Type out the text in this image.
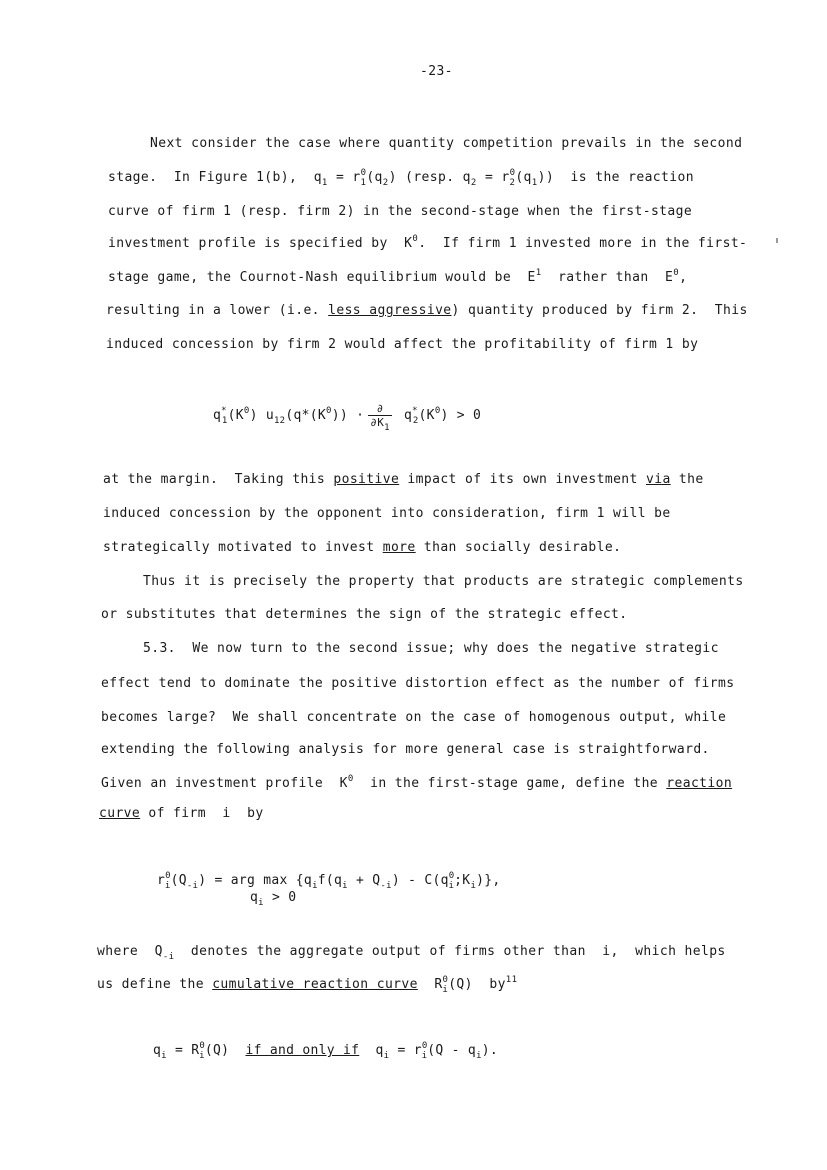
-23-
Next consider the case where quantity competition prevails in the second
stage.  In Figure 1(b), $q_1 = r^0_1(q_2)$ (resp. $q_2 = r^0_2(q_1)$)  is the reaction
curve of firm 1 (resp. firm 2) in the second-stage when the first-stage
investment profile is specified by  $K^0$.  If firm 1 invested more in the first-
stage game, the Cournot-Nash equilibrium would be  $E^1$  rather than  $E^0$,
resulting in a lower (i.e. less aggressive) quantity produced by firm 2.  This
induced concession by firm 2 would affect the profitability of firm 1 by
$q^*_1(K^0) u_{12}(q*(K^0)) \cdot \frac{\partial}{\partial K_1} q^*_2(K^0) > 0$
at the margin.  Taking this positive impact of its own investment via the
induced concession by the opponent into consideration, firm 1 will be
strategically motivated to invest more than socially desirable.
Thus it is precisely the property that products are strategic complements
or substitutes that determines the sign of the strategic effect.
5.3.  We now turn to the second issue; why does the negative strategic
effect tend to dominate the positive distortion effect as the number of firms
becomes large?  We shall concentrate on the case of homogenous output, while
extending the following analysis for more general case is straightforward.
Given an investment profile  $K^0$  in the first-stage game, define the reaction
curve of firm  i  by
$r^0_i(Q_{-i})$ = arg $\max \{q_if(q_i + Q_{-i})$ - $C(q^0_i;K_i)$},
$q_i > 0$
where  $Q_{-i}$  denotes the aggregate output of firms other than  i,  which helps
us define the cumulative reaction curve  $R^0_i(Q)$  $by^{11}$
$q_i = R^0_i(Q)$  if and only if  $q_i = r^0_i(Q - q_i)$.
